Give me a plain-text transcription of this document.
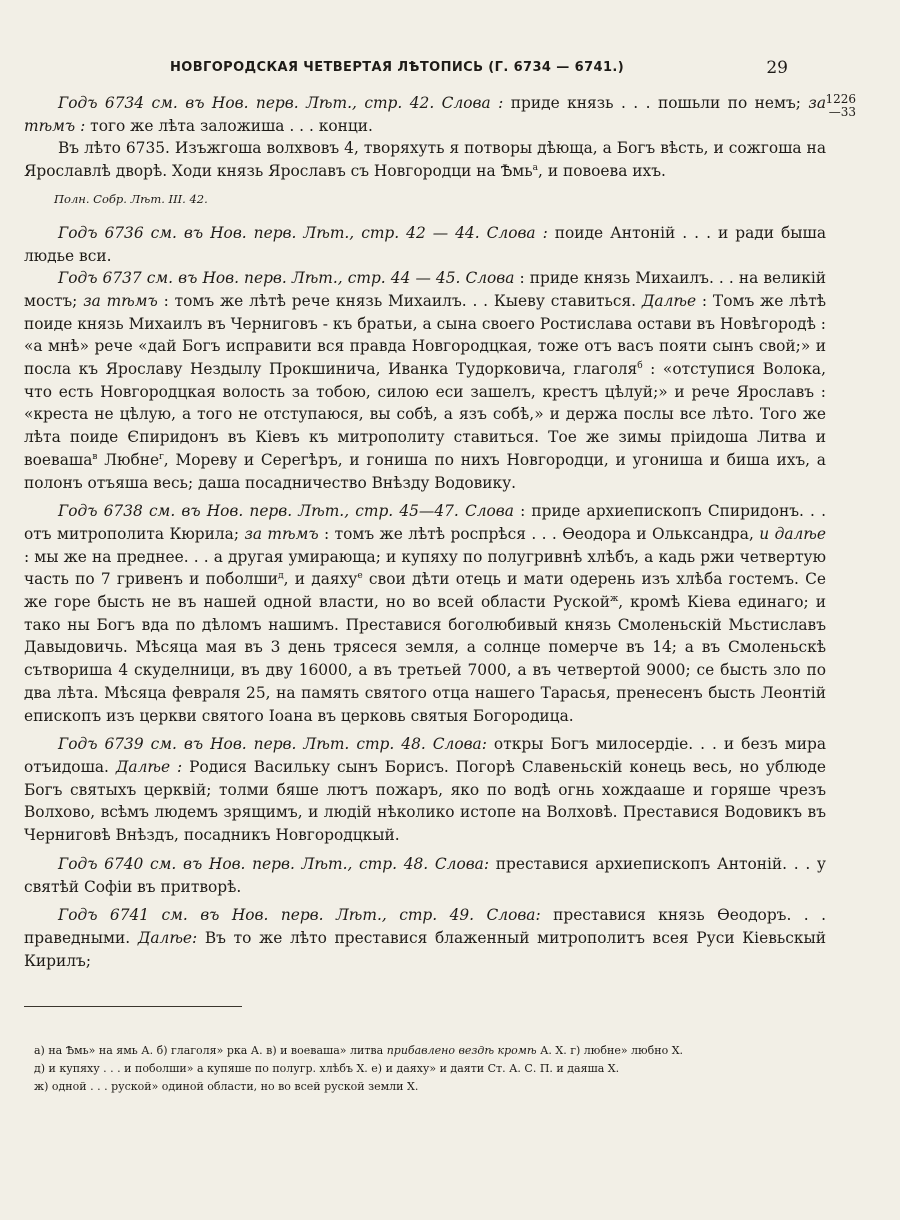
НОВГОРОДСКАЯ ЧЕТВЕРТАЯ ЛѢТОПИСЬ (Г. 6734 — 6741.)	29

Годъ 6734 см. въ Нов. перв. Лѣт., стр. 42. Слова : приде князь . . . пошьли по немъ; за тѣмъ : того же лѣта заложиша . . . конци.
1226
—33

Въ лѣто 6735. Изъжгоша волхвовъ 4, творяхуть я потворы дѣюща, а Богъ вѣсть, и сожгоша на Ярославлѣ дворѣ. Ходи князь Ярославъ съ Новгородци на Ѣмь$^а$, и повоева ихъ.

Полн. Собр. Лѣт. III. 42.

Годъ 6736 см. въ Нов. перв. Лѣт., стр. 42 — 44. Слова : поиде Антоній . . . и ради быша людье вси.

Годъ 6737 см. въ Нов. перв. Лѣт., стр. 44 — 45. Слова : приде князь Михаилъ. . . на великій мостъ; за тѣмъ : томъ же лѣтѣ рече князь Михаилъ. . . Кыеву ставиться. Далѣе : Томъ же лѣтѣ поиде князь Михаилъ въ Черниговъ - къ братьи, а сына своего Ростислава остави въ Новѣгородѣ : «а мнѣ» рече «дай Богъ исправити вся правда Новгородцкая, тоже отъ васъ пояти сынъ свой;» и посла къ Ярославу Нездылу Прокшинича, Иванка Тудорковича, глаголя$^б$ : «отступися Волока, что есть Новгородцкая волость за тобою, силою еси зашелъ, крестъ цѣлуй;» и рече Ярославъ : «креста не цѣлую, а того не отступаюся, вы собѣ, а язъ собѣ,» и держа послы все лѣто. Того же лѣта поиде Єпиридонъ въ Кіевъ къ митрополиту ставиться. Тое же зимы пріидоша Литва и воеваша$^в$ Любне$^г$, Мореву и Серегѣръ, и гониша по нихъ Новгородци, и угониша и биша ихъ, а полонъ отъяша весь; даша посадничество Внѣзду Водовику.

Годъ 6738 см. въ Нов. перв. Лѣт., стр. 45—47. Слова : приде архиепископъ Спиридонъ. . . отъ митрополита Кюрила; за тѣмъ : томъ же лѣтѣ роспрѣся . . . Ѳеодора и Ольксандра, и далѣе : мы же на преднее. . . а другая умирающа; и купяху по полугривнѣ хлѣбъ, а кадь ржи четвертую часть по 7 гривенъ и поболши$^д$, и даяху$^е$ свои дѣти отець и мати одерень изъ хлѣба гостемъ. Се же горе бысть не въ нашей одной власти, но во всей области Руской$^ж$, кромѣ Кіева единаго; и тако ны Богъ вда по дѣломъ нашимъ. Преставися боголюбивый князь Смоленьскій Мьстиславъ Давыдовичь. Мѣсяца мая въ 3 день трясеся земля, а солнце померче въ 14; а въ Смоленьскѣ сътвориша 4 скуделници, въ дву 16000, а въ третьей 7000, а въ четвертой 9000; се бысть зло по два лѣта. Мѣсяца февраля 25, на память святого отца нашего Тарасья, пренесенъ бысть Леонтій епископъ изъ церкви святого Іоана въ церковь святыя Богородица.

Годъ 6739 см. въ Нов. перв. Лѣт. стр. 48. Слова: откры Богъ милосердіе. . . и безъ мира отъидоша. Далѣе : Родися Васильку сынъ Борисъ. Погорѣ Славеньскій конець весь, но ублюде Богъ святыхъ церквій; толми бяше лютъ пожаръ, яко по водѣ огнь хождааше и горяше чрезъ Волхово, всѣмъ людемъ зрящимъ, и людій нѣколико истопе на Волховѣ. Преставися Водовикъ въ Черниговѣ Внѣздъ, посадникъ Новгородцкый.

Годъ 6740 см. въ Нов. перв. Лѣт., стр. 48. Слова: преставися архиепископъ Антоній. . . у святѣй Софіи въ притворѣ.

Годъ 6741 см. въ Нов. перв. Лѣт., стр. 49. Слова: преставися князь Ѳеодоръ. . . праведными. Далѣе: Въ то же лѣто преставися блаженный митрополитъ всея Руси Кіевьскый Кирилъ;

а) на Ѣмь» на ямь А. б) глаголя» рка А. в) и воеваша» литва прибавлено вездѣ кромѣ А. Х. г) любне» любно Х.

д) и купяху . . . и поболши» а купяше по полугр. хлѣбъ Х. е) и даяху» и даяти Ст. А. С. П. и даяша Х.

ж) одной . . . руской» одиной области, но во всей руской земли Х.
